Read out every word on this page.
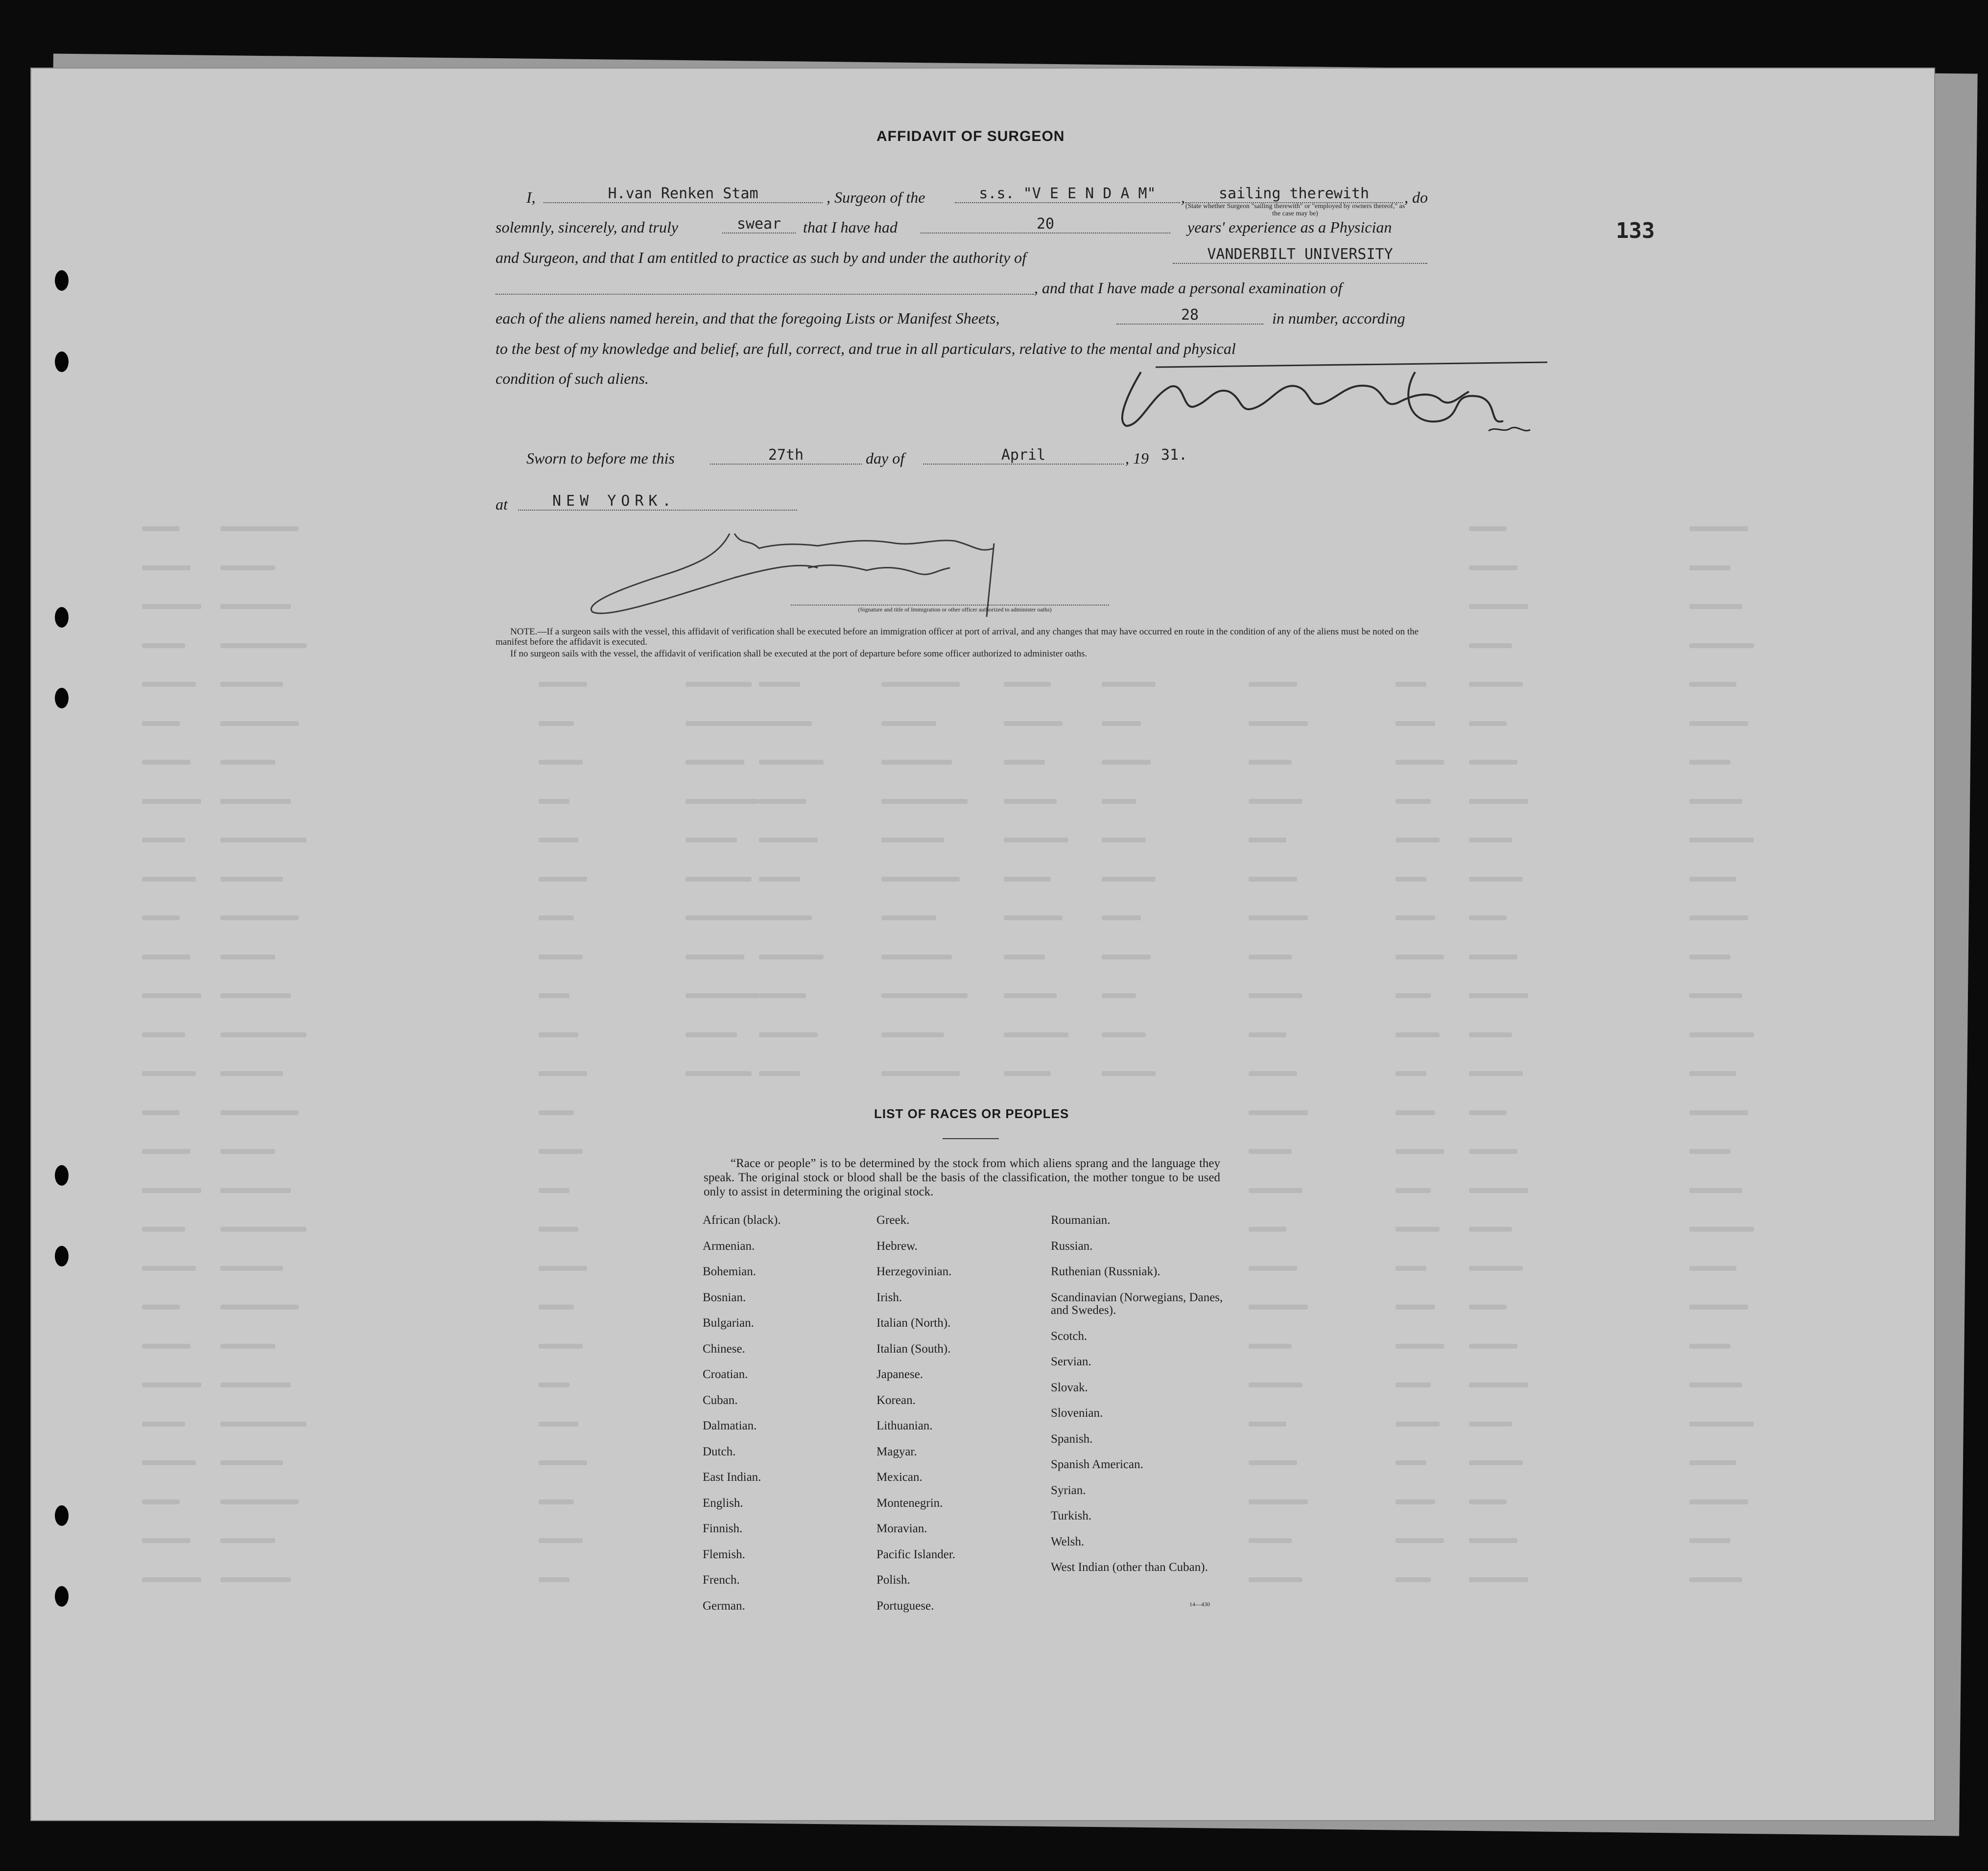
AFFIDAVIT OF SURGEON
I,	H.van Renken Stam	, Surgeon of the	s.s. "V E E N D A M"	,	sailing therewith	, do
(State whether Surgeon "sailing therewith" or "employed by owners thereof," as the case may be)
solemnly, sincerely, and truly	swear	that I have had	20	years' experience as a Physician
and Surgeon, and that I am entitled to practice as such by and under the authority of	VANDERBILT UNIVERSITY
, and that I have made a personal examination of
each of the aliens named herein, and that the foregoing Lists or Manifest Sheets,	28	in number, according
to the best of my knowledge and belief, are full, correct, and true in all particulars, relative to the mental and physical
condition of such aliens.
Sworn to before me this	27th	day of	April	, 19 31.
at	NEW YORK.
(Signature and title of Immigration or other officer authorized to administer oaths)
NOTE.—If a surgeon sails with the vessel, this affidavit of verification shall be executed before an immigration officer at port of arrival, and any changes that may have occurred en route in the condition of any of the aliens must be noted on the manifest before the affidavit is executed.
If no surgeon sails with the vessel, the affidavit of verification shall be executed at the port of departure before some officer authorized to administer oaths.
133
LIST OF RACES OR PEOPLES
“Race or people” is to be determined by the stock from which aliens sprang and the language they speak. The original stock or blood shall be the basis of the classification, the mother tongue to be used only to assist in determining the original stock.
African (black).
Armenian.
Bohemian.
Bosnian.
Bulgarian.
Chinese.
Croatian.
Cuban.
Dalmatian.
Dutch.
East Indian.
English.
Finnish.
Flemish.
French.
German.
Greek.
Hebrew.
Herzegovinian.
Irish.
Italian (North).
Italian (South).
Japanese.
Korean.
Lithuanian.
Magyar.
Mexican.
Montenegrin.
Moravian.
Pacific Islander.
Polish.
Portuguese.
Roumanian.
Russian.
Ruthenian (Russniak).
Scandinavian (Norwegians, Danes, and Swedes).
Scotch.
Servian.
Slovak.
Slovenian.
Spanish.
Spanish American.
Syrian.
Turkish.
Welsh.
West Indian (other than Cuban).
14—430
